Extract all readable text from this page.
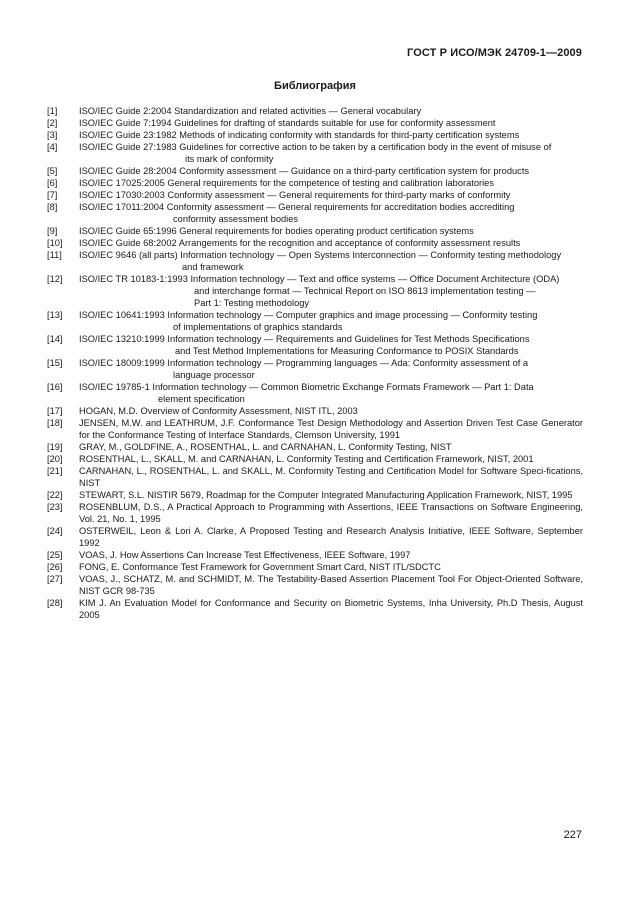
ГОСТ Р ИСО/МЭК 24709-1—2009
Библиография
[1]	ISO/IEC Guide 2:2004 Standardization and related activities — General vocabulary
[2]	ISO/IEC Guide 7:1994 Guidelines for drafting of standards suitable for use for conformity assessment
[3]	ISO/IEC Guide 23:1982 Methods of indicating conformity with standards for third-party certification systems
[4]	ISO/IEC Guide 27:1983 Guidelines for corrective action to be taken by a certification body in the event of misuse of
its mark of conformity
[5]	ISO/IEC Guide 28:2004 Conformity assessment — Guidance on a third-party certification system for products
[6]	ISO/IEC 17025:2005 General requirements for the competence of testing and calibration laboratories
[7]	ISO/IEC 17030:2003 Conformity assessment — General requirements for third-party marks of conformity
[8]	ISO/IEC 17011:2004 Conformity assessment — General requirements for accreditation bodies accrediting
conformity assessment bodies
[9]	ISO/IEC Guide 65:1996 General requirements for bodies operating product certification systems
[10]	ISO/IEC Guide 68:2002 Arrangements for the recognition and acceptance of conformity assessment results
[11]	ISO/IEC 9646 (all parts) Information technology — Open Systems Interconnection — Conformity testing methodology
and framework
[12]	ISO/IEC TR 10183-1:1993 Information technology — Text and office systems — Office Document Architecture (ODA)
and interchange format — Technical Report on ISO 8613 implementation testing —
Part 1: Testing methodology
[13]	ISO/IEC 10641:1993 Information technology — Computer graphics and image processing — Conformity testing
of implementations of graphics standards
[14]	ISO/IEC 13210:1999 Information technology — Requirements and Guidelines for Test Methods Specifications
and Test Method Implementations for Measuring Conformance to POSIX Standards
[15]	ISO/IEC 18009:1999 Information technology — Programming languages — Ada: Conformity assessment of a
language processor
[16]	ISO/IEC 19785-1 Information technology — Common Biometric Exchange Formats Framework — Part 1: Data
element specification
[17]	HOGAN, M.D. Overview of Conformity Assessment, NIST ITL, 2003
[18]	JENSEN, M.W. and LEATHRUM, J.F. Conformance Test Design Methodology and Assertion Driven Test Case Generator for the Conformance Testing of Interface Standards, Clemson University, 1991
[19]	GRAY, M., GOLDFINE, A., ROSENTHAL, L. and CARNAHAN, L. Conformity Testing, NIST
[20]	ROSENTHAL, L., SKALL, M. and CARNAHAN, L. Conformity Testing and Certification Framework, NIST, 2001
[21]	CARNAHAN, L., ROSENTHAL, L. and SKALL, M. Conformity Testing and Certification Model for Software Speci-fications, NIST
[22]	STEWART, S.L. NISTIR 5679, Roadmap for the Computer Integrated Manufacturing Application Framework, NIST, 1995
[23]	ROSENBLUM, D.S., A Practical Approach to Programming with Assertions, IEEE Transactions on Software Engineering, Vol. 21, No. 1, 1995
[24]	OSTERWEIL, Leon & Lori A. Clarke, A Proposed Testing and Research Analysis Initiative, IEEE Software, September 1992
[25]	VOAS, J. How Assertions Can Increase Test Effectiveness, IEEE Software, 1997
[26]	FONG, E. Conformance Test Framework for Government Smart Card, NIST ITL/SDCTC
[27]	VOAS, J., SCHATZ, M. and SCHMIDT, M. The Testability-Based Assertion Placement Tool For Object-Oriented Software, NIST GCR 98-735
[28]	KIM J. An Evaluation Model for Conformance and Security on Biometric Systems, Inha University, Ph.D Thesis, August 2005
227
